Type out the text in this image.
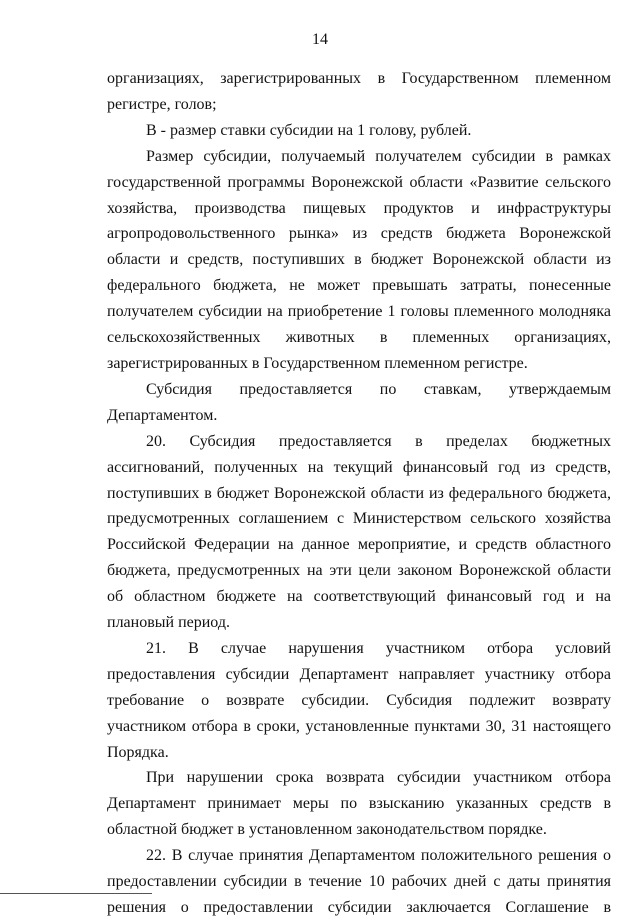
14

организациях, зарегистрированных в Государственном племенном регистре, голов;

В - размер ставки субсидии на 1 голову, рублей.

Размер субсидии, получаемый получателем субсидии в рамках государственной программы Воронежской области «Развитие сельского хозяйства, производства пищевых продуктов и инфраструктуры агропродовольственного рынка» из средств бюджета Воронежской области и средств, поступивших в бюджет Воронежской области из федерального бюджета, не может превышать затраты, понесенные получателем субсидии на приобретение 1 головы племенного молодняка сельскохозяйственных животных в племенных организациях, зарегистрированных в Государственном племенном регистре.

Субсидия предоставляется по ставкам, утверждаемым Департаментом.

20. Субсидия предоставляется в пределах бюджетных ассигнований, полученных на текущий финансовый год из средств, поступивших в бюджет Воронежской области из федерального бюджета, предусмотренных соглашением с Министерством сельского хозяйства Российской Федерации на данное мероприятие, и средств областного бюджета, предусмотренных на эти цели законом Воронежской области об областном бюджете на соответствующий финансовый год и на плановый период.

21. В случае нарушения участником отбора условий предоставления субсидии Департамент направляет участнику отбора требование о возврате субсидии. Субсидия подлежит возврату участником отбора в сроки, установленные пунктами 30, 31 настоящего Порядка.

При нарушении срока возврата субсидии участником отбора Департамент принимает меры по взысканию указанных средств в областной бюджет в установленном законодательством порядке.

22. В случае принятия Департаментом положительного решения о предоставлении субсидии в течение 10 рабочих дней с даты принятия решения о предоставлении субсидии заключается Соглашение в
